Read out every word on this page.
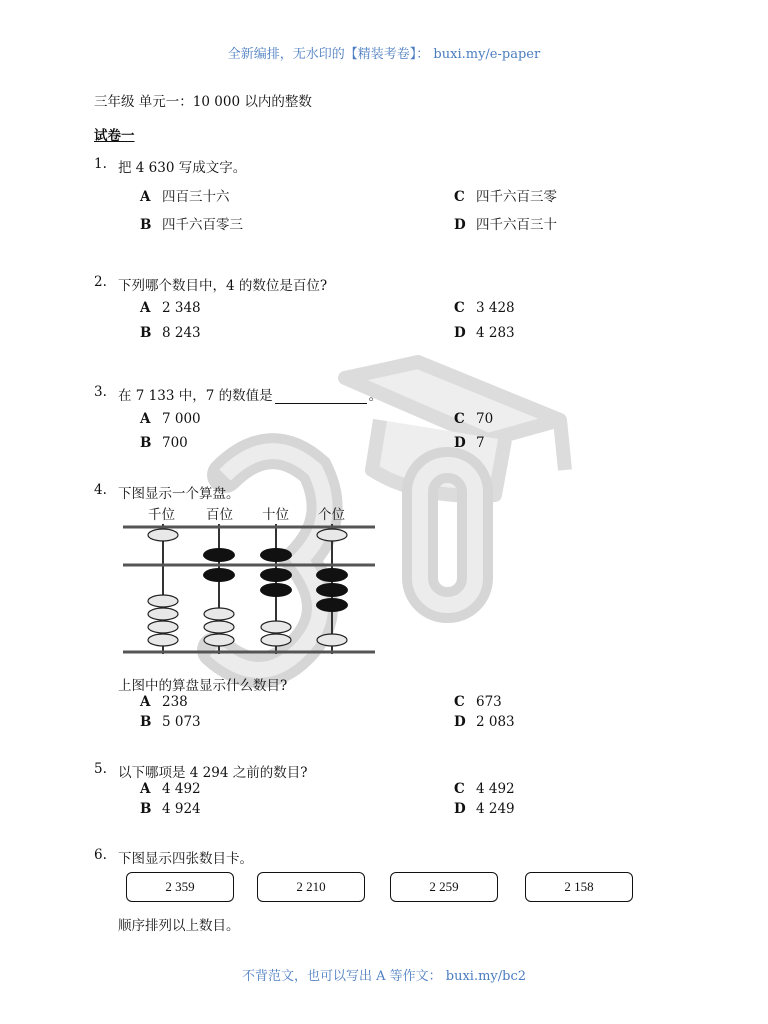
全新编排，无水印的【精装考卷】： buxi.my/e-paper
三年级 单元一：10 000 以内的整数
试卷一
1. 把 4 630 写成文字。
A 四百三十六
B 四千六百零三
C 四千六百三零
D 四千六百三十
2. 下列哪个数目中，4 的数位是百位?
A 2 348
B 8 243
C 3 428
D 4 283
3. 在 7 133 中，7 的数值是	。
A 7 000
B 700
C 70
D 7
4. 下图显示一个算盘。
千位 百位 十位 个位
上图中的算盘显示什么数目?
A 238
B 5 073
C 673
D 2 083
5. 以下哪项是 4 294 之前的数目?
A 4 492
B 4 924
C 4 492
D 4 249
6. 下图显示四张数目卡。
2 359	2 210	2 259	2 158
顺序排列以上数目。
不背范文，也可以写出 A 等作文： buxi.my/bc2
